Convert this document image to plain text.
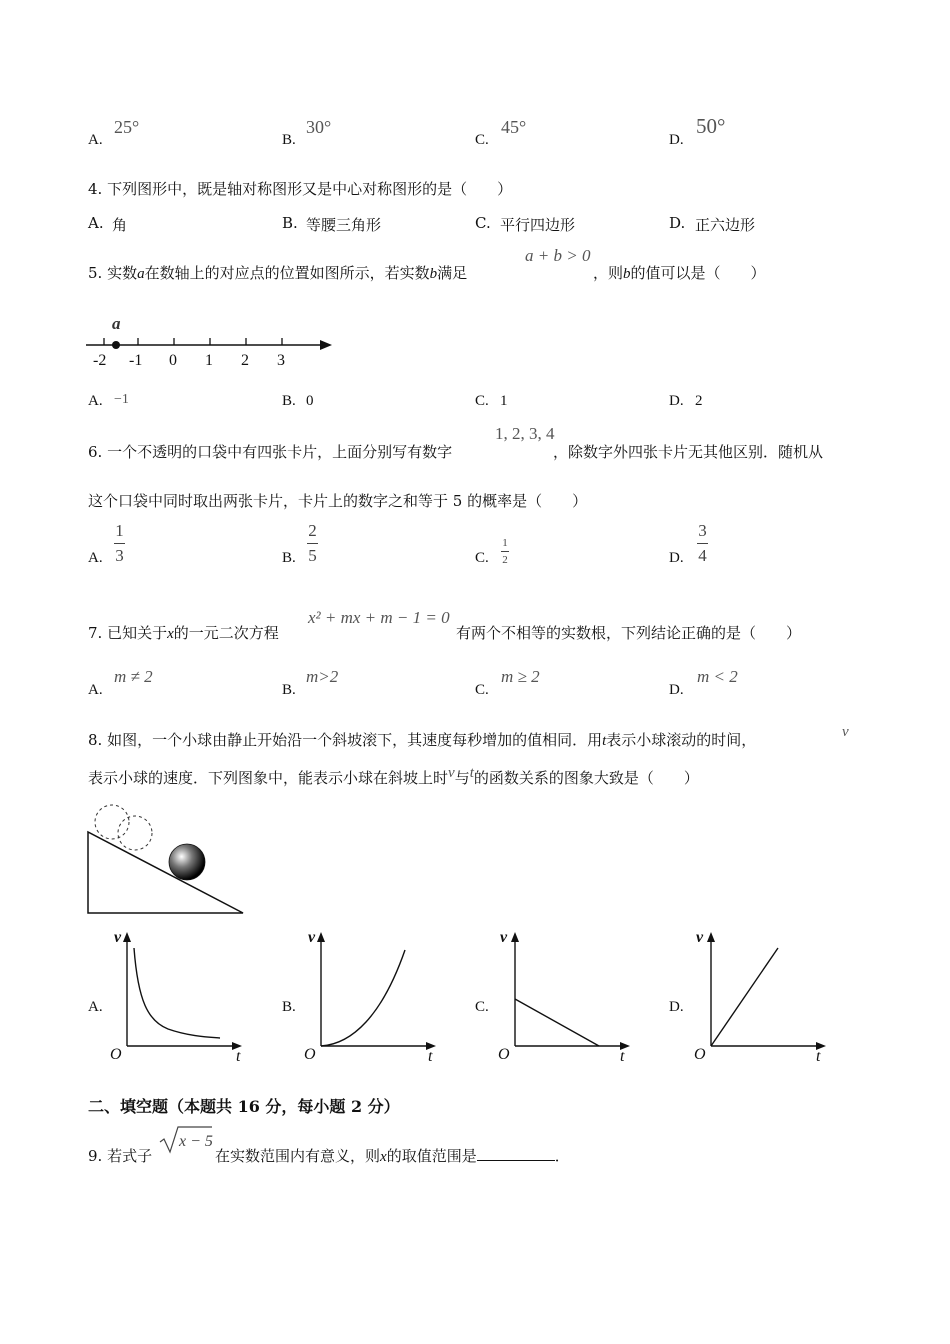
A.
25°
B.
30°
C.
45°
D.
50°
4. 下列图形中，既是轴对称图形又是中心对称图形的是（　　）
A. 角	B. 等腰三角形	C. 平行四边形	D. 正六边形
5. 实数a在数轴上的对应点的位置如图所示，若实数b满足
a + b > 0
，则b的值可以是（　　）
a
-2 -1 0 1 2 3
A. −1	B. 0	C. 1	D. 2
6. 一个不透明的口袋中有四张卡片，上面分别写有数字
1, 2, 3, 4
，除数字外四张卡片无其他区别．随机从
这个口袋中同时取出两张卡片，卡片上的数字之和等于 5 的概率是（　　）
A.
1
3	B.
2
5	C.
1
2	D.
3
4
7. 已知关于x的一元二次方程
x² + mx + m − 1 = 0
有两个不相等的实数根，下列结论正确的是（　　）
A.
m ≠ 2
B.
m>2
C.
m ≥ 2
D.
m < 2
8. 如图，一个小球由静止开始沿一个斜坡滚下，其速度每秒增加的值相同．用t表示小球滚动的时间，	v
表示小球的速度．下列图象中，能表示小球在斜坡上时v与t的函数关系的图象大致是（　　）
A.
v
O	t
B.
v
O	t
C.
v
O	t
D.
v
O	t
二、填空题（本题共 16 分，每小题 2 分）
9. 若式子
x − 5
在实数范围内有意义，则x的取值范围是	．
